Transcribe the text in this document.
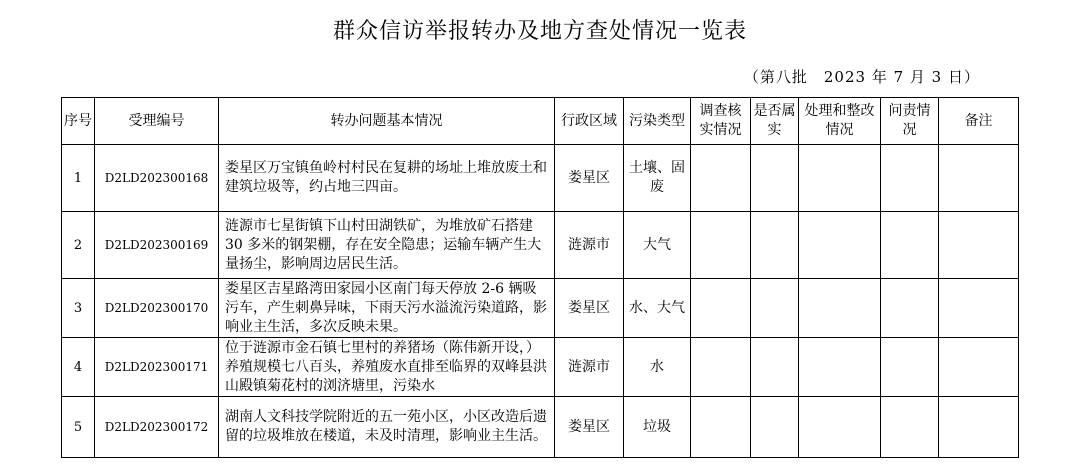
群众信访举报转办及地方查处情况一览表
（第八批　2023 年 7 月 3 日）
序号	受理编号	转办问题基本情况	行政区域	污染类型	调查核实情况	是否属实	处理和整改情况	问责情况	备注
1	D2LD202300168	娄星区万宝镇鱼岭村村民在复耕的场址上堆放废土和建筑垃圾等，约占地三四亩。	娄星区	土壤、固废					
2	D2LD202300169	涟源市七星街镇下山村田湖铁矿，为堆放矿石搭建 30 多米的钢架棚，存在安全隐患；运输车辆产生大量扬尘，影响周边居民生活。	涟源市	大气					
3	D2LD202300170	娄星区吉星路湾田家园小区南门每天停放 2-6 辆吸污车，产生刺鼻异味，下雨天污水溢流污染道路，影响业主生活，多次反映未果。	娄星区	水、大气					
4	D2LD202300171	位于涟源市金石镇七里村的养猪场（陈伟新开设，）养殖规模七八百头，养殖废水直排至临界的双峰县洪山殿镇菊花村的浏济塘里，污染水	涟源市	水					
5	D2LD202300172	湖南人文科技学院附近的五一苑小区，小区改造后遗留的垃圾堆放在楼道，未及时清理，影响业主生活。	娄星区	垃圾					
